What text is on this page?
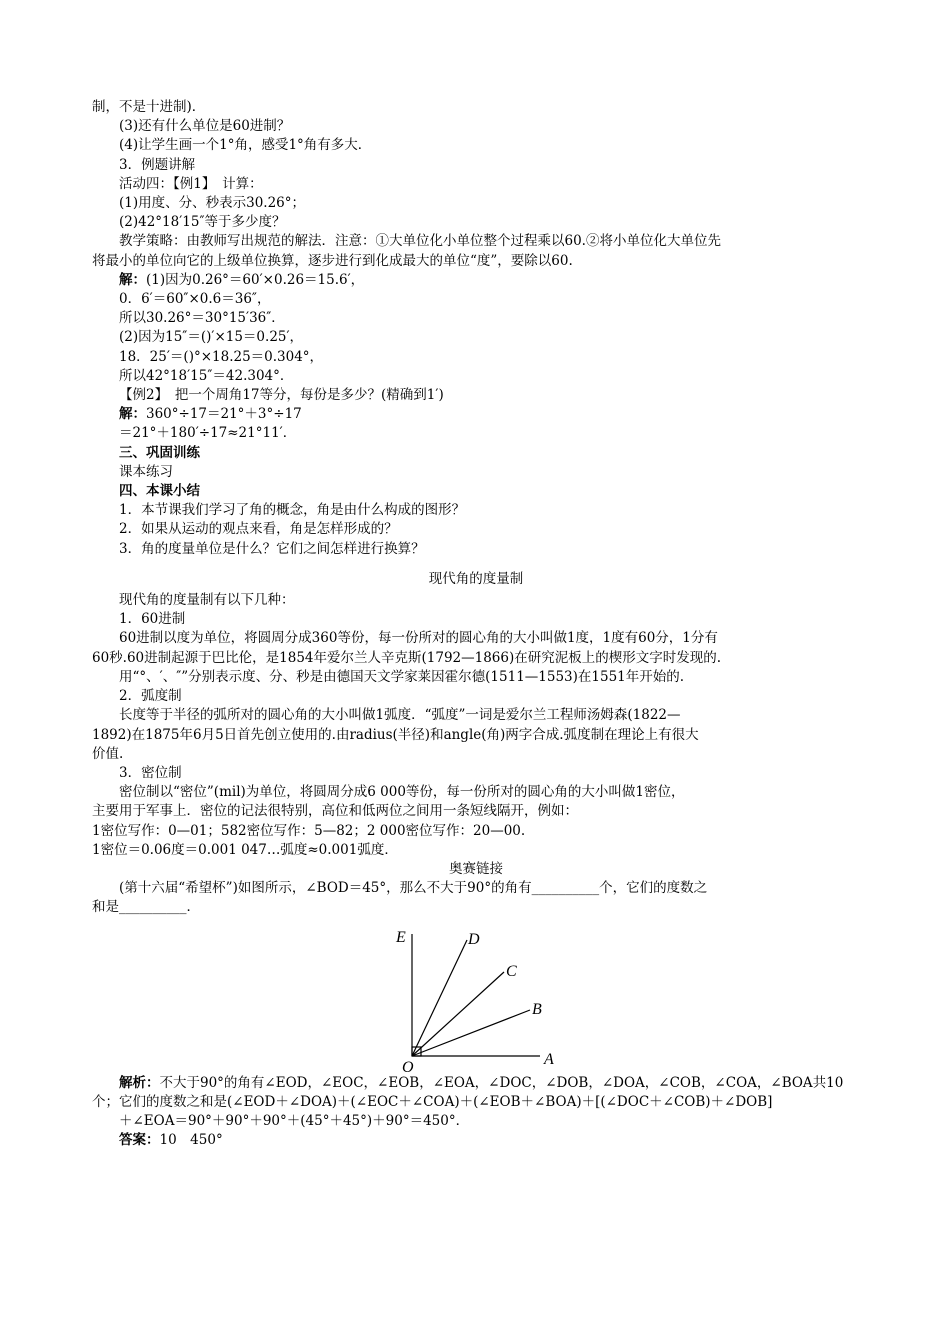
制，不是十进制)．
(3)还有什么单位是60进制？
(4)让学生画一个1°角，感受1°角有多大．
3．例题讲解
活动四：【例1】　计算：
(1)用度、分、秒表示30.26°；
(2)42°18′15″等于多少度？
教学策略：由教师写出规范的解法．注意：①大单位化小单位整个过程乘以60.②将小单位化大单位先
将最小的单位向它的上级单位换算，逐步进行到化成最大的单位“度”，要除以60.
解：(1)因为0.26°＝60′×0.26＝15.6′，
0．6′＝60″×0.6＝36″，
所以30.26°＝30°15′36″．
(2)因为15″＝()′×15＝0.25′，
18．25′＝()°×18.25＝0.304°，
所以42°18′15″＝42.304°．
【例2】　把一个周角17等分，每份是多少？(精确到1′)
解：360°÷17＝21°＋3°÷17
＝21°＋180′÷17≈21°11′．
三、巩固训练
课本练习
四、本课小结
1．本节课我们学习了角的概念，角是由什么构成的图形？
2．如果从运动的观点来看，角是怎样形成的？
3．角的度量单位是什么？它们之间怎样进行换算？
现代角的度量制
现代角的度量制有以下几种：
1．60进制
60进制以度为单位，将圆周分成360等份，每一份所对的圆心角的大小叫做1度，1度有60分，1分有
60秒.60进制起源于巴比伦，是1854年爱尔兰人辛克斯(1792—1866)在研究泥板上的楔形文字时发现的.
用“°、′、″”分别表示度、分、秒是由德国天文学家莱因霍尔德(1511—1553)在1551年开始的.
2．弧度制
长度等于半径的弧所对的圆心角的大小叫做1弧度．“弧度”一词是爱尔兰工程师汤姆森(1822—
1892)在1875年6月5日首先创立使用的.由radius(半径)和angle(角)两字合成.弧度制在理论上有很大
价值.
3．密位制
密位制以“密位”(mil)为单位，将圆周分成6 000等份，每一份所对的圆心角的大小叫做1密位，
主要用于军事上．密位的记法很特别，高位和低两位之间用一条短线隔开，例如：
1密位写作：0—01；582密位写作：5—82；2 000密位写作：20—00.
1密位＝0.06度＝0.001 047…弧度≈0.001弧度．
奥赛链接
(第十六届“希望杯”)如图所示，∠BOD＝45°，那么不大于90°的角有__________个，它们的度数之
和是__________．
E	D
C
B
A
O
解析：不大于90°的角有∠EOD，∠EOC，∠EOB，∠EOA，∠DOC，∠DOB，∠DOA，∠COB，∠COA，∠BOA共10
个；它们的度数之和是(∠EOD＋∠DOA)＋(∠EOC＋∠COA)＋(∠EOB＋∠BOA)＋[(∠DOC＋∠COB)＋∠DOB]
＋∠EOA＝90°＋90°＋90°＋(45°＋45°)＋90°＝450°．
答案：10　450°
